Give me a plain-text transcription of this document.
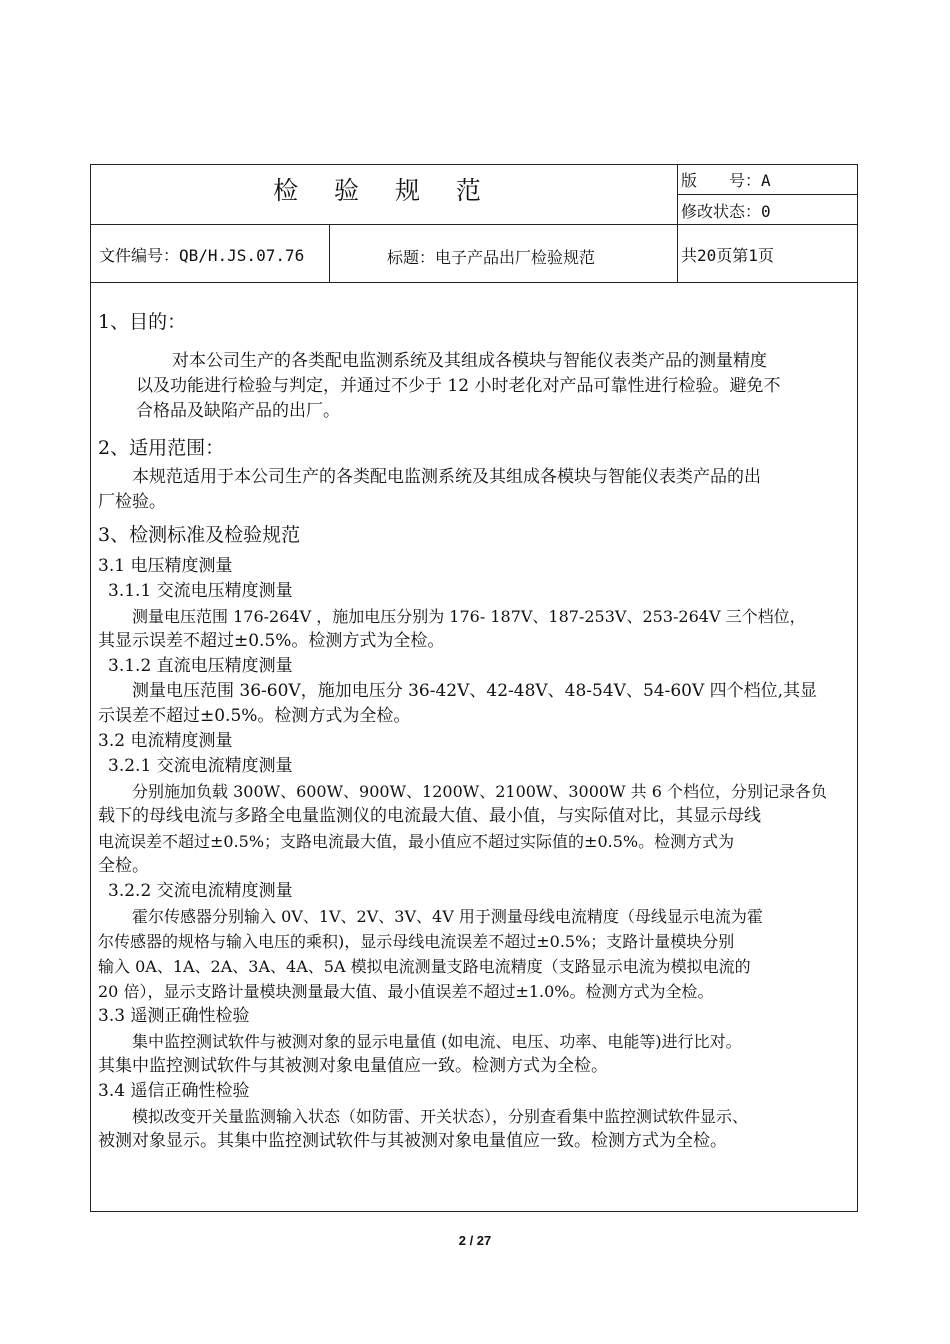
检 验 规 范	版　　号：A
修改状态：0
文件编号：QB/H.JS.07.76	标题：电子产品出厂检验规范	共20页第1页

1、目的：

对本公司生产的各类配电监测系统及其组成各模块与智能仪表类产品的测量精度

以及功能进行检验与判定，并通过不少于 12 小时老化对产品可靠性进行检验。避免不

合格品及缺陷产品的出厂。

2、适用范围：

本规范适用于本公司生产的各类配电监测系统及其组成各模块与智能仪表类产品的出

厂检验。

3、检测标准及检验规范

3.1 电压精度测量

3.1.1 交流电压精度测量

测量电压范围 176-264V ，施加电压分别为 176- 187V、187-253V、253-264V 三个档位，

其显示误差不超过±0.5%。检测方式为全检。

3.1.2 直流电压精度测量

测量电压范围 36-60V，施加电压分 36-42V、42-48V、48-54V、54-60V 四个档位,其显

示误差不超过±0.5%。检测方式为全检。

3.2 电流精度测量

3.2.1 交流电流精度测量

分别施加负载 300W、600W、900W、1200W、2100W、3000W 共 6 个档位，分别记录各负

载下的母线电流与多路全电量监测仪的电流最大值、最小值，与实际值对比，其显示母线

电流误差不超过±0.5%；支路电流最大值，最小值应不超过实际值的±0.5%。检测方式为

全检。

3.2.2 交流电流精度测量

霍尔传感器分别输入 0V、1V、2V、3V、4V 用于测量母线电流精度（母线显示电流为霍

尔传感器的规格与输入电压的乘积)，显示母线电流误差不超过±0.5%；支路计量模块分别

输入 0A、1A、2A、3A、4A、5A 模拟电流测量支路电流精度（支路显示电流为模拟电流的

20 倍），显示支路计量模块测量最大值、最小值误差不超过±1.0%。检测方式为全检。

3.3 遥测正确性检验

集中监控测试软件与被测对象的显示电量值 (如电流、电压、功率、电能等)进行比对。

其集中监控测试软件与其被测对象电量值应一致。检测方式为全检。

3.4 遥信正确性检验

模拟改变开关量监测输入状态（如防雷、开关状态），分别查看集中监控测试软件显示、

被测对象显示。其集中监控测试软件与其被测对象电量值应一致。检测方式为全检。

2 / 27
